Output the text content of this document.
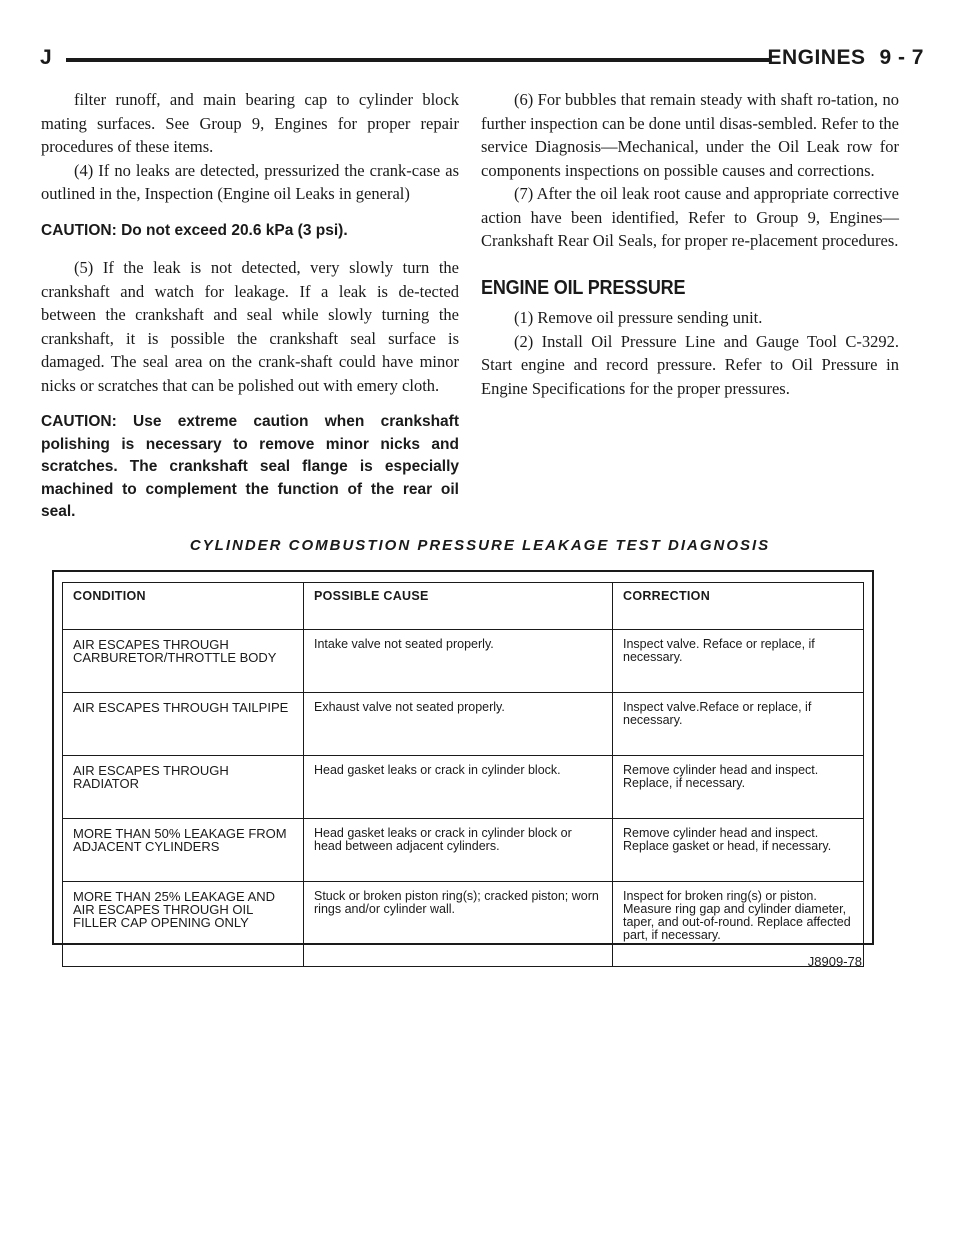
J	ENGINES 9 - 7

filter runoff, and main bearing cap to cylinder block mating surfaces. See Group 9, Engines for proper repair procedures of these items.

(4) If no leaks are detected, pressurized the crank-case as outlined in the, Inspection (Engine oil Leaks in general)

CAUTION: Do not exceed 20.6 kPa (3 psi).

(5) If the leak is not detected, very slowly turn the crankshaft and watch for leakage. If a leak is de-tected between the crankshaft and seal while slowly turning the crankshaft, it is possible the crankshaft seal surface is damaged. The seal area on the crank-shaft could have minor nicks or scratches that can be polished out with emery cloth.

CAUTION: Use extreme caution when crankshaft polishing is necessary to remove minor nicks and scratches. The crankshaft seal flange is especially machined to complement the function of the rear oil seal.

(6) For bubbles that remain steady with shaft ro-tation, no further inspection can be done until disas-sembled. Refer to the service Diagnosis—Mechanical, under the Oil Leak row for components inspections on possible causes and corrections.

(7) After the oil leak root cause and appropriate corrective action have been identified, Refer to Group 9, Engines—Crankshaft Rear Oil Seals, for proper re-placement procedures.

ENGINE OIL PRESSURE

(1) Remove oil pressure sending unit.

(2) Install Oil Pressure Line and Gauge Tool C-3292. Start engine and record pressure. Refer to Oil Pressure in Engine Specifications for the proper pressures.

CYLINDER COMBUSTION PRESSURE LEAKAGE TEST DIAGNOSIS
CONDITION	POSSIBLE CAUSE	CORRECTION
AIR ESCAPES THROUGH CARBURETOR/THROTTLE BODY	Intake valve not seated properly.	Inspect valve. Reface or replace, if necessary.
AIR ESCAPES THROUGH TAILPIPE	Exhaust valve not seated properly.	Inspect valve.Reface or replace, if necessary.
AIR ESCAPES THROUGH RADIATOR	Head gasket leaks or crack in cylinder block.	Remove cylinder head and inspect. Replace, if necessary.
MORE THAN 50% LEAKAGE FROM ADJACENT CYLINDERS	Head gasket leaks or crack in cylinder block or head between adjacent cylinders.	Remove cylinder head and inspect. Replace gasket or head, if necessary.
MORE THAN 25% LEAKAGE AND AIR ESCAPES THROUGH OIL FILLER CAP OPENING ONLY	Stuck or broken piston ring(s); cracked piston; worn rings and/or cylinder wall.	Inspect for broken ring(s) or piston. Measure ring gap and cylinder diameter, taper, and out-of-round. Replace affected part, if necessary.
J8909-78
